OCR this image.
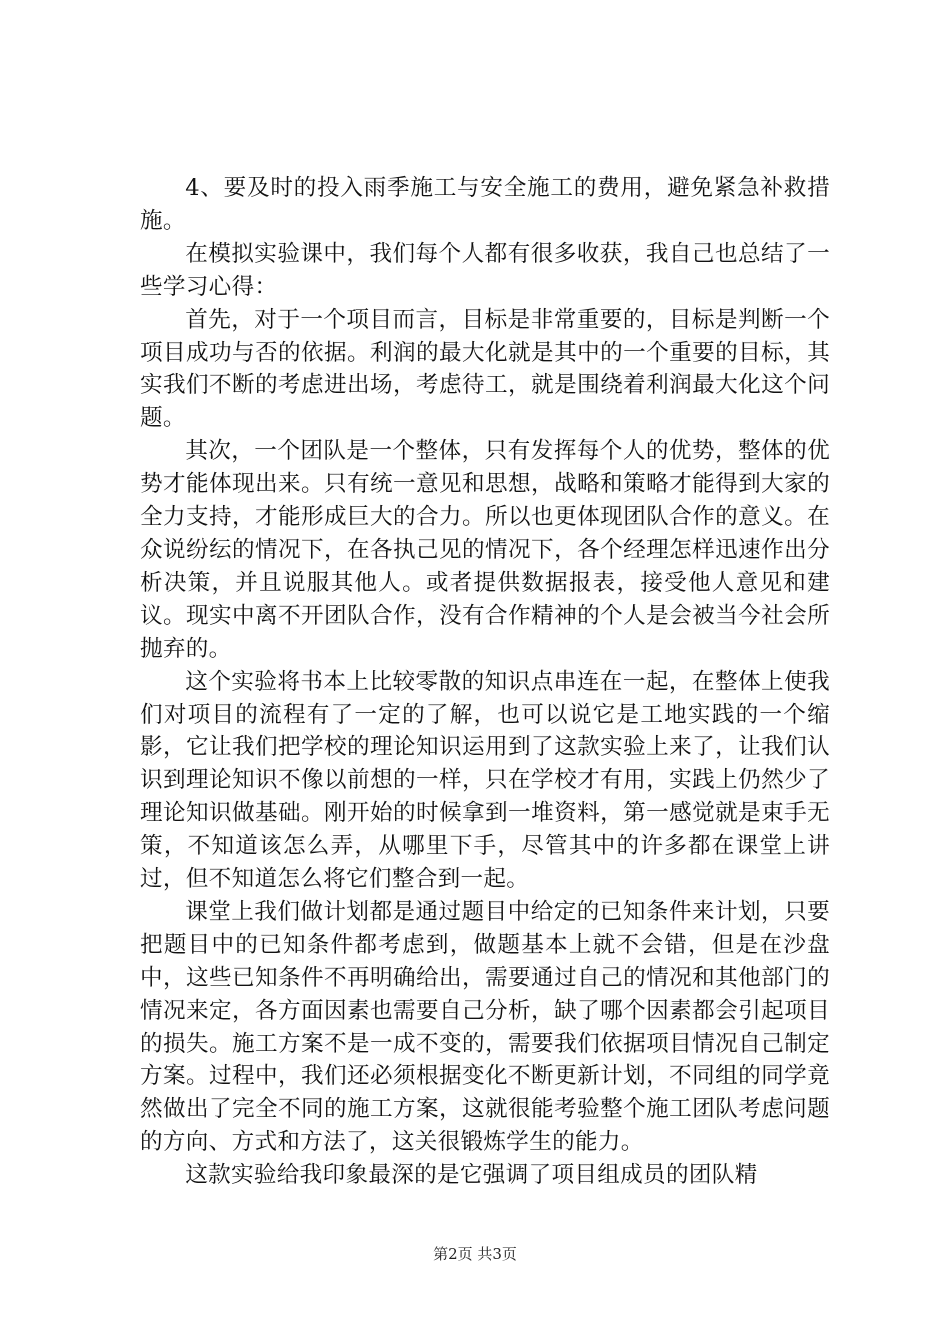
4、要及时的投入雨季施工与安全施工的费用，避免紧急补救措施。

在模拟实验课中，我们每个人都有很多收获，我自己也总结了一些学习心得：

首先，对于一个项目而言，目标是非常重要的，目标是判断一个项目成功与否的依据。利润的最大化就是其中的一个重要的目标，其实我们不断的考虑进出场，考虑待工，就是围绕着利润最大化这个问题。

其次，一个团队是一个整体，只有发挥每个人的优势，整体的优势才能体现出来。只有统一意见和思想，战略和策略才能得到大家的全力支持，才能形成巨大的合力。所以也更体现团队合作的意义。在众说纷纭的情况下，在各执己见的情况下，各个经理怎样迅速作出分析决策，并且说服其他人。或者提供数据报表，接受他人意见和建议。现实中离不开团队合作，没有合作精神的个人是会被当今社会所抛弃的。

这个实验将书本上比较零散的知识点串连在一起，在整体上使我们对项目的流程有了一定的了解，也可以说它是工地实践的一个缩影，它让我们把学校的理论知识运用到了这款实验上来了，让我们认识到理论知识不像以前想的一样，只在学校才有用，实践上仍然少了理论知识做基础。刚开始的时候拿到一堆资料，第一感觉就是束手无策，不知道该怎么弄，从哪里下手，尽管其中的许多都在课堂上讲过，但不知道怎么将它们整合到一起。

课堂上我们做计划都是通过题目中给定的已知条件来计划，只要把题目中的已知条件都考虑到，做题基本上就不会错，但是在沙盘中，这些已知条件不再明确给出，需要通过自己的情况和其他部门的情况来定，各方面因素也需要自己分析，缺了哪个因素都会引起项目的损失。施工方案不是一成不变的，需要我们依据项目情况自己制定方案。过程中，我们还必须根据变化不断更新计划，不同组的同学竟然做出了完全不同的施工方案，这就很能考验整个施工团队考虑问题的方向、方式和方法了，这关很锻炼学生的能力。

这款实验给我印象最深的是它强调了项目组成员的团队精

第2页 共3页
